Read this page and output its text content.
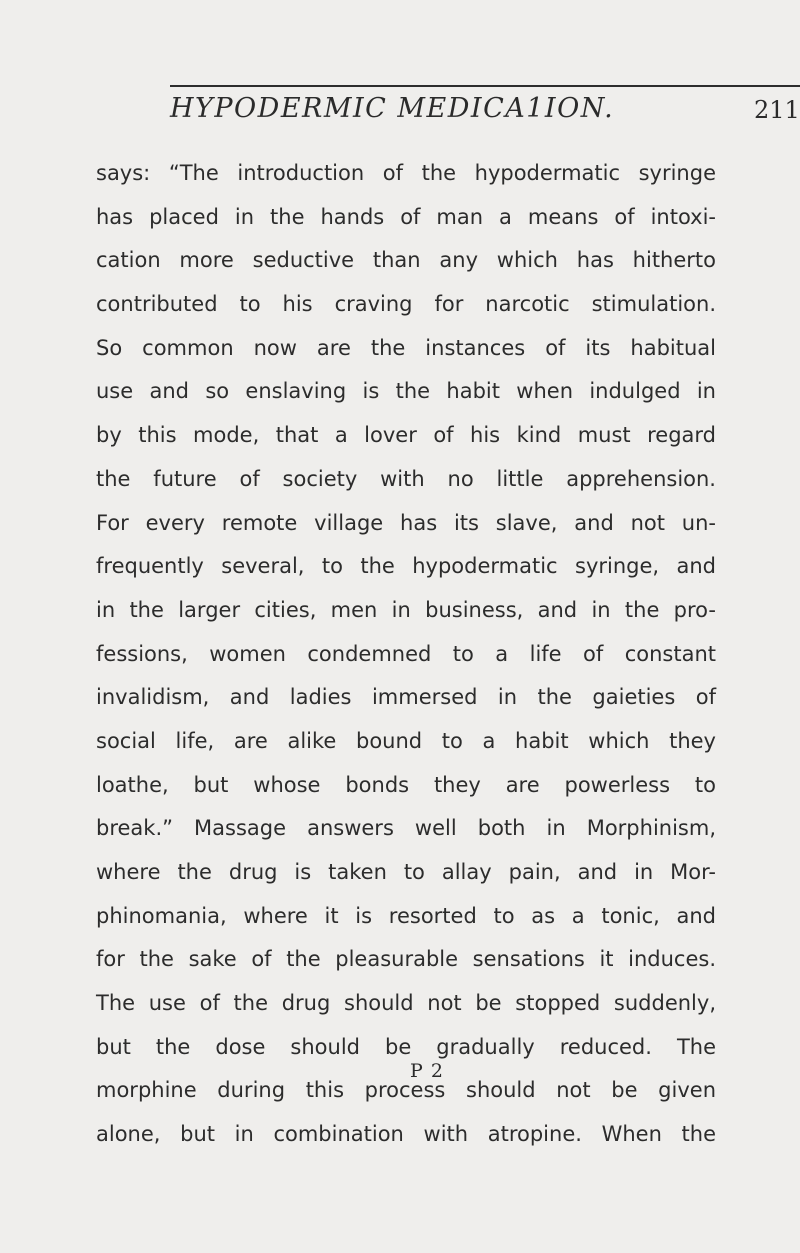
HYPODERMIC MEDICA1ION.	211
says: “The introduction of the hypodermatic syringe
has placed in the hands of man a means of intoxi-
cation more seductive than any which has hitherto
contributed to his craving for narcotic stimulation.
So common now are the instances of its habitual
use and so enslaving is the habit when indulged in
by this mode, that a lover of his kind must regard
the future of society with no little apprehension.
For every remote village has its slave, and not un-
frequently several, to the hypodermatic syringe, and
in the larger cities, men in business, and in the pro-
fessions, women condemned to a life of constant
invalidism, and ladies immersed in the gaieties of
social life, are alike bound to a habit which they
loathe, but whose bonds they are powerless to
break.” Massage answers well both in Morphinism,
where the drug is taken to allay pain, and in Mor-
phinomania, where it is resorted to as a tonic, and
for the sake of the pleasurable sensations it induces.
The use of the drug should not be stopped suddenly,
but the dose should be gradually reduced. The
morphine during this process should not be given
alone, but in combination with atropine. When the
P 2
